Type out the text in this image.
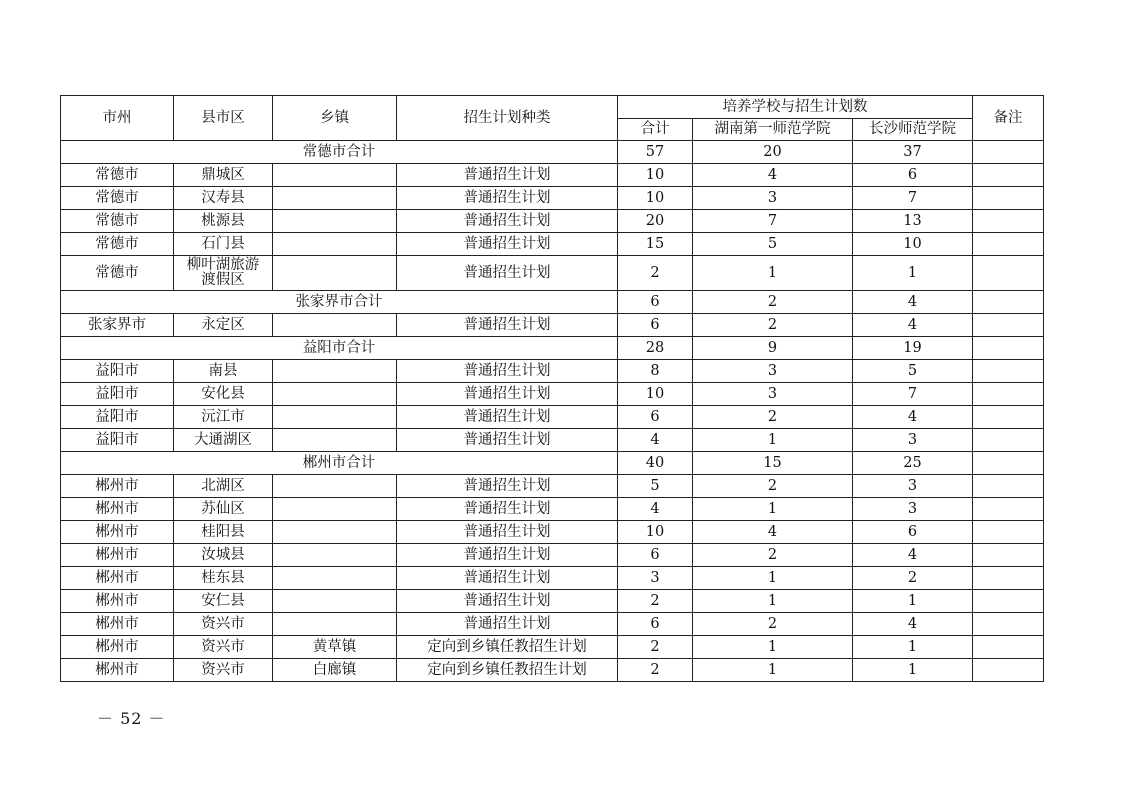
市州	县市区	乡镇	招生计划种类	培养学校与招生计划数			备注
				合计	湖南第一师范学院	长沙师范学院	
常德市合计				57	20	37	
常德市	鼎城区		普通招生计划	10	4	6	
常德市	汉寿县		普通招生计划	10	3	7	
常德市	桃源县		普通招生计划	20	7	13	
常德市	石门县		普通招生计划	15	5	10	
常德市	柳叶湖旅游渡假区		普通招生计划	2	1	1	
张家界市合计				6	2	4	
张家界市	永定区		普通招生计划	6	2	4	
益阳市合计				28	9	19	
益阳市	南县		普通招生计划	8	3	5	
益阳市	安化县		普通招生计划	10	3	7	
益阳市	沅江市		普通招生计划	6	2	4	
益阳市	大通湖区		普通招生计划	4	1	3	
郴州市合计				40	15	25	
郴州市	北湖区		普通招生计划	5	2	3	
郴州市	苏仙区		普通招生计划	4	1	3	
郴州市	桂阳县		普通招生计划	10	4	6	
郴州市	汝城县		普通招生计划	6	2	4	
郴州市	桂东县		普通招生计划	3	1	2	
郴州市	安仁县		普通招生计划	2	1	1	
郴州市	资兴市		普通招生计划	6	2	4	
郴州市	资兴市	黄草镇	定向到乡镇任教招生计划	2	1	1	
郴州市	资兴市	白廊镇	定向到乡镇任教招生计划	2	1	1	
－ 52 －
